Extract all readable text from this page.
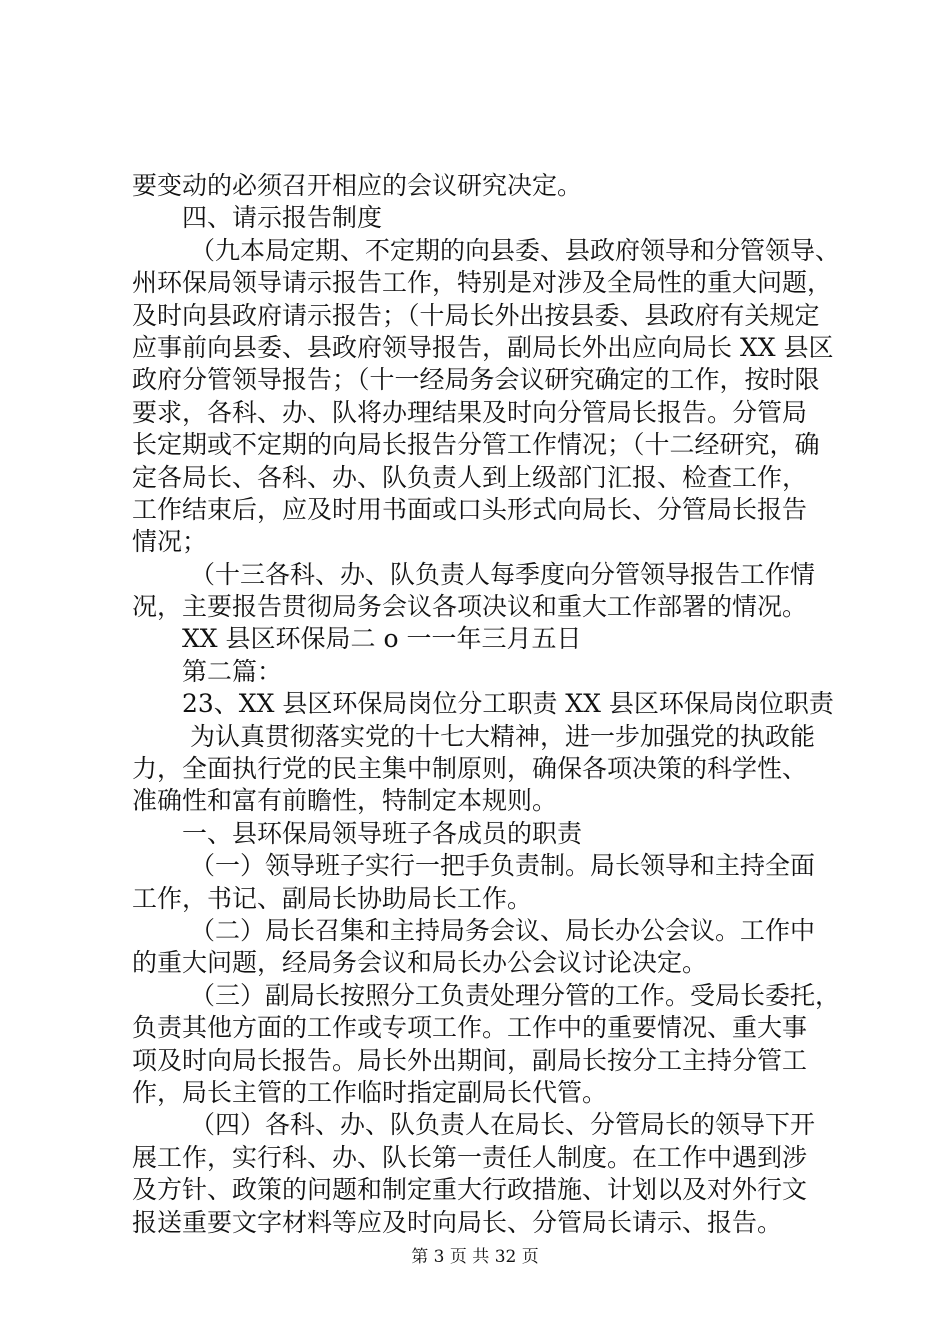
要变动的必须召开相应的会议研究决定。
四、请示报告制度
（九本局定期、不定期的向县委、县政府领导和分管领导、
州环保局领导请示报告工作，特别是对涉及全局性的重大问题，
及时向县政府请示报告；（十局长外出按县委、县政府有关规定
应事前向县委、县政府领导报告，副局长外出应向局长 XX 县区
政府分管领导报告；（十一经局务会议研究确定的工作，按时限
要求，各科、办、队将办理结果及时向分管局长报告。分管局
长定期或不定期的向局长报告分管工作情况；（十二经研究，确
定各局长、各科、办、队负责人到上级部门汇报、检查工作，
工作结束后，应及时用书面或口头形式向局长、分管局长报告
情况；
（十三各科、办、队负责人每季度向分管领导报告工作情
况，主要报告贯彻局务会议各项决议和重大工作部署的情况。
XX 县区环保局二 o 一一年三月五日
第二篇：
23、XX 县区环保局岗位分工职责 XX 县区环保局岗位职责
为认真贯彻落实党的十七大精神，进一步加强党的执政能
力，全面执行党的民主集中制原则，确保各项决策的科学性、
准确性和富有前瞻性，特制定本规则。
一、县环保局领导班子各成员的职责
（一）领导班子实行一把手负责制。局长领导和主持全面
工作，书记、副局长协助局长工作。
（二）局长召集和主持局务会议、局长办公会议。工作中
的重大问题，经局务会议和局长办公会议讨论决定。
（三）副局长按照分工负责处理分管的工作。受局长委托，
负责其他方面的工作或专项工作。工作中的重要情况、重大事
项及时向局长报告。局长外出期间，副局长按分工主持分管工
作，局长主管的工作临时指定副局长代管。
（四）各科、办、队负责人在局长、分管局长的领导下开
展工作，实行科、办、队长第一责任人制度。在工作中遇到涉
及方针、政策的问题和制定重大行政措施、计划以及对外行文
报送重要文字材料等应及时向局长、分管局长请示、报告。
第 3 页 共 32 页
